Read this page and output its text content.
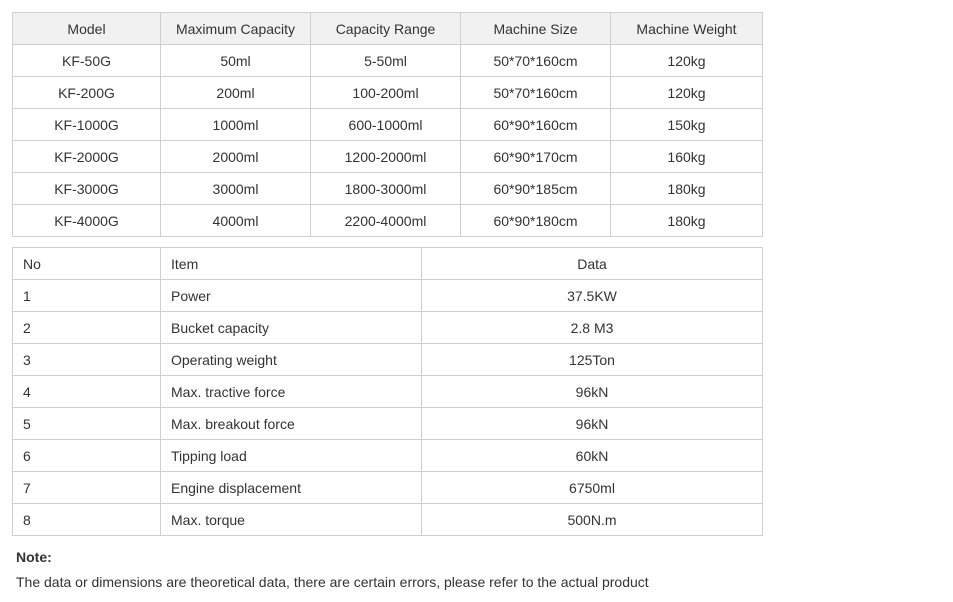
Model	Maximum Capacity	Capacity Range	Machine Size	Machine Weight
KF-50G	50ml	5-50ml	50*70*160cm	120kg
KF-200G	200ml	100-200ml	50*70*160cm	120kg
KF-1000G	1000ml	600-1000ml	60*90*160cm	150kg
KF-2000G	2000ml	1200-2000ml	60*90*170cm	160kg
KF-3000G	3000ml	1800-3000ml	60*90*185cm	180kg
KF-4000G	4000ml	2200-4000ml	60*90*180cm	180kg
No	Item	Data
1	Power	37.5KW
2	Bucket capacity	2.8 M3
3	Operating weight	125Ton
4	Max. tractive force	96kN
5	Max. breakout force	96kN
6	Tipping load	60kN
7	Engine displacement	6750ml
8	Max. torque	500N.m
Note:
The data or dimensions are theoretical data, there are certain errors, please refer to the actual product
